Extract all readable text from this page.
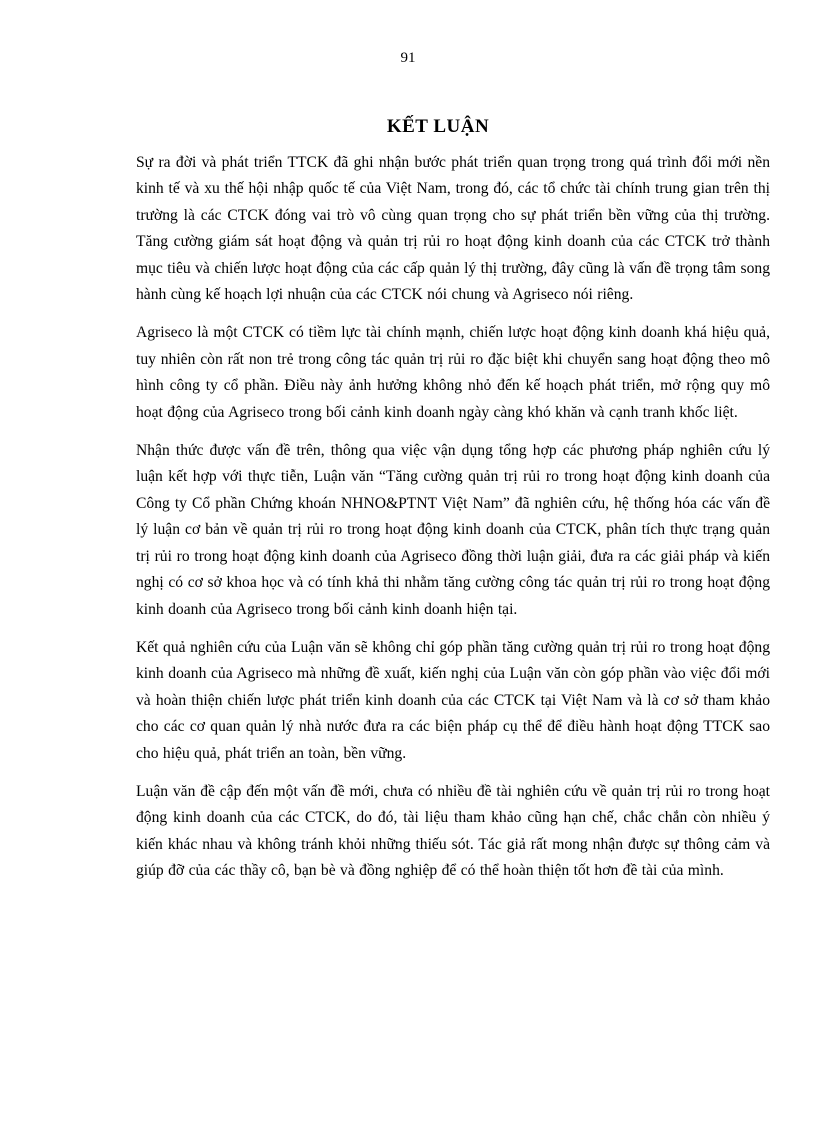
91
KẾT LUẬN

Sự ra đời và phát triển TTCK đã ghi nhận bước phát triển quan trọng trong quá trình đổi mới nền kinh tế và xu thế hội nhập quốc tế của Việt Nam, trong đó, các tổ chức tài chính trung gian trên thị trường là các CTCK đóng vai trò vô cùng quan trọng cho sự phát triển bền vững của thị trường. Tăng cường giám sát hoạt động và quản trị rủi ro hoạt động kinh doanh của các CTCK trở thành mục tiêu và chiến lược hoạt động của các cấp quản lý thị trường, đây cũng là vấn đề trọng tâm song hành cùng kế hoạch lợi nhuận của các CTCK nói chung và Agriseco nói riêng.

Agriseco là một CTCK có tiềm lực tài chính mạnh, chiến lược hoạt động kinh doanh khá hiệu quả, tuy nhiên còn rất non trẻ trong công tác quản trị rủi ro đặc biệt khi chuyển sang hoạt động theo mô hình công ty cổ phần. Điều này ảnh hưởng không nhỏ đến kế hoạch phát triển, mở rộng quy mô hoạt động của Agriseco trong bối cảnh kinh doanh ngày càng khó khăn và cạnh tranh khốc liệt.

Nhận thức được vấn đề trên, thông qua việc vận dụng tổng hợp các phương pháp nghiên cứu lý luận kết hợp với thực tiễn, Luận văn “Tăng cường quản trị rủi ro trong hoạt động kinh doanh của Công ty Cổ phần Chứng khoán NHNO&PTNT Việt Nam” đã nghiên cứu, hệ thống hóa các vấn đề lý luận cơ bản về quản trị rủi ro trong hoạt động kinh doanh của CTCK, phân tích thực trạng quản trị rủi ro trong hoạt động kinh doanh của Agriseco đồng thời luận giải, đưa ra các giải pháp và kiến nghị có cơ sở khoa học và có tính khả thi nhằm tăng cường công tác quản trị rủi ro trong hoạt động kinh doanh của Agriseco trong bối cảnh kinh doanh hiện tại.

Kết quả nghiên cứu của Luận văn sẽ không chỉ góp phần tăng cường quản trị rủi ro trong hoạt động kinh doanh của Agriseco mà những đề xuất, kiến nghị của Luận văn còn góp phần vào việc đổi mới và hoàn thiện chiến lược phát triển kinh doanh của các CTCK tại Việt Nam và là cơ sở tham khảo cho các cơ quan quản lý nhà nước đưa ra các biện pháp cụ thể để điều hành hoạt động TTCK sao cho hiệu quả, phát triển an toàn, bền vững.

Luận văn đề cập đến một vấn đề mới, chưa có nhiều đề tài nghiên cứu về quản trị rủi ro trong hoạt động kinh doanh của các CTCK, do đó, tài liệu tham khảo cũng hạn chế, chắc chắn còn nhiều ý kiến khác nhau và không tránh khỏi những thiếu sót. Tác giả rất mong nhận được sự thông cảm và giúp đỡ của các thầy cô, bạn bè và đồng nghiệp để có thể hoàn thiện tốt hơn đề tài của mình.
